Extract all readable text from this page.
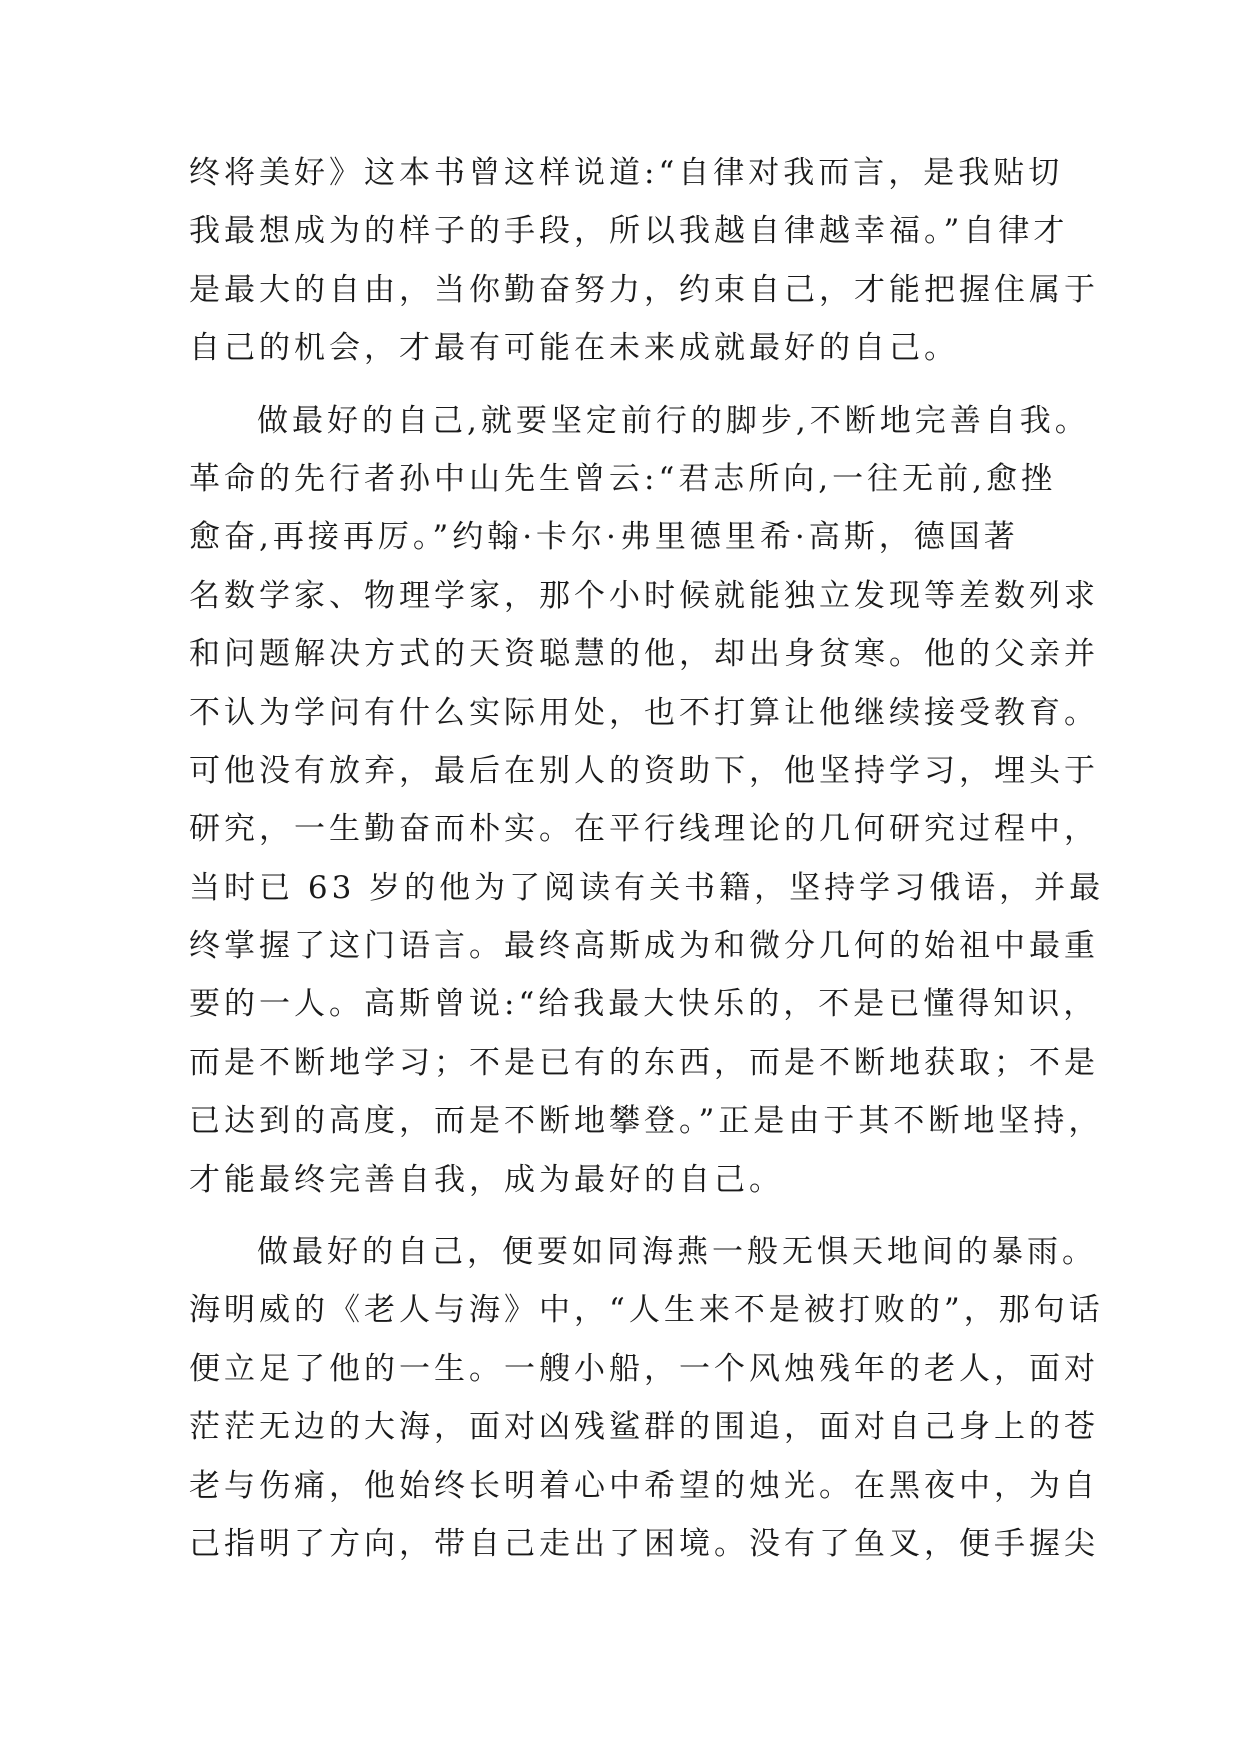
终将美好》这本书曾这样说道:“自律对我而言，是我贴切
我最想成为的样子的手段，所以我越自律越幸福。”自律才
是最大的自由，当你勤奋努力，约束自己，才能把握住属于
自己的机会，才最有可能在未来成就最好的自己。
做最好的自己,就要坚定前行的脚步,不断地完善自我。
革命的先行者孙中山先生曾云:“君志所向,一往无前,愈挫
愈奋,再接再厉。”约翰·卡尔·弗里德里希·高斯，德国著
名数学家、物理学家，那个小时候就能独立发现等差数列求
和问题解决方式的天资聪慧的他，却出身贫寒。他的父亲并
不认为学问有什么实际用处，也不打算让他继续接受教育。
可他没有放弃，最后在别人的资助下，他坚持学习，埋头于
研究，一生勤奋而朴实。在平行线理论的几何研究过程中，
当时已 63 岁的他为了阅读有关书籍，坚持学习俄语，并最
终掌握了这门语言。最终高斯成为和微分几何的始祖中最重
要的一人。高斯曾说:“给我最大快乐的，不是已懂得知识，
而是不断地学习；不是已有的东西，而是不断地获取；不是
已达到的高度，而是不断地攀登。”正是由于其不断地坚持，
才能最终完善自我，成为最好的自己。
做最好的自己，便要如同海燕一般无惧天地间的暴雨。
海明威的《老人与海》中，“人生来不是被打败的”，那句话
便立足了他的一生。一艘小船，一个风烛残年的老人，面对
茫茫无边的大海，面对凶残鲨群的围追，面对自己身上的苍
老与伤痛，他始终长明着心中希望的烛光。在黑夜中，为自
己指明了方向，带自己走出了困境。没有了鱼叉，便手握尖
